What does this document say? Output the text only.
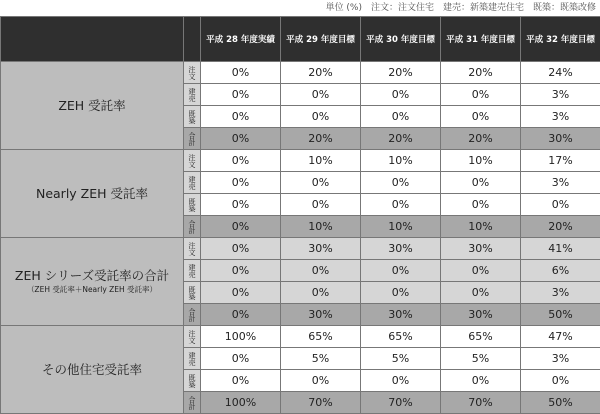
単位 (%)　注文：注文住宅　建売：新築建売住宅　既築：既築改修
		平成 28 年度実績	平成 29 年度目標	平成 30 年度目標	平成 31 年度目標	平成 32 年度目標

ZEH 受託率	注文	0%	20%	20%	20%	24%

	建売	0%	0%	0%	0%	3%

	既築	0%	0%	0%	0%	3%

	合計	0%	20%	20%	20%	30%

Nearly ZEH 受託率	注文	0%	10%	10%	10%	17%

	建売	0%	0%	0%	0%	3%

	既築	0%	0%	0%	0%	0%

	合計	0%	10%	10%	10%	20%

ZEH シリーズ受託率の合計
（ZEH 受託率＋Nearly ZEH 受託率）	注文	0%	30%	30%	30%	41%

	建売	0%	0%	0%	0%	6%

	既築	0%	0%	0%	0%	3%

	合計	0%	30%	30%	30%	50%

その他住宅受託率	注文	100%	65%	65%	65%	47%

	建売	0%	5%	5%	5%	3%

	既築	0%	0%	0%	0%	0%

	合計	100%	70%	70%	70%	50%
